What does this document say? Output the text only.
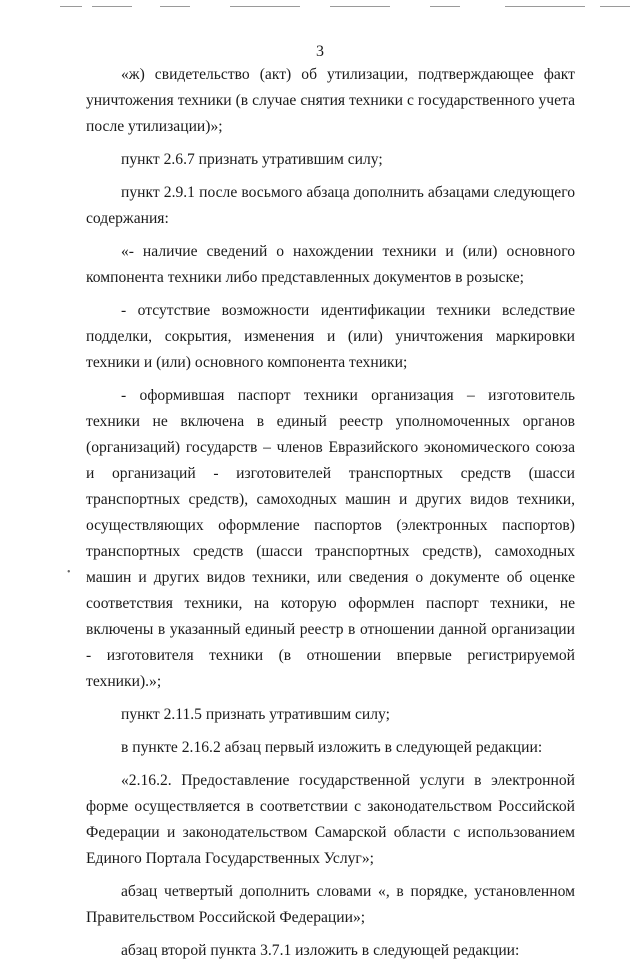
3

«ж) свидетельство (акт) об утилизации, подтверждающее факт уничтожения техники (в случае снятия техники с государственного учета после утилизации)»;

пункт 2.6.7 признать утратившим силу;

пункт 2.9.1 после восьмого абзаца дополнить абзацами следующего содержания:

«- наличие сведений о нахождении техники и (или) основного компонента техники либо представленных документов в розыске;

- отсутствие возможности идентификации техники вследствие подделки, сокрытия, изменения и (или) уничтожения маркировки техники и (или) основного компонента техники;

- оформившая паспорт техники организация – изготовитель техники не включена в единый реестр уполномоченных органов (организаций) государств – членов Евразийского экономического союза и организаций - изготовителей транспортных средств (шасси транспортных средств), самоходных машин и других видов техники, осуществляющих оформление паспортов (электронных паспортов) транспортных средств (шасси транспортных средств), самоходных машин и других видов техники, или сведения о документе об оценке соответствия техники, на которую оформлен паспорт техники, не включены в указанный единый реестр в отношении данной организации - изготовителя техники (в отношении впервые регистрируемой техники).»;

пункт 2.11.5 признать утратившим силу;

в пункте 2.16.2 абзац первый изложить в следующей редакции:

«2.16.2. Предоставление государственной услуги в электронной форме осуществляется в соответствии с законодательством Российской Федерации и законодательством Самарской области с использованием Единого Портала Государственных Услуг»;

абзац четвертый дополнить словами «, в порядке, установленном Правительством Российской Федерации»;

абзац второй пункта 3.7.1 изложить в следующей редакции:

•
